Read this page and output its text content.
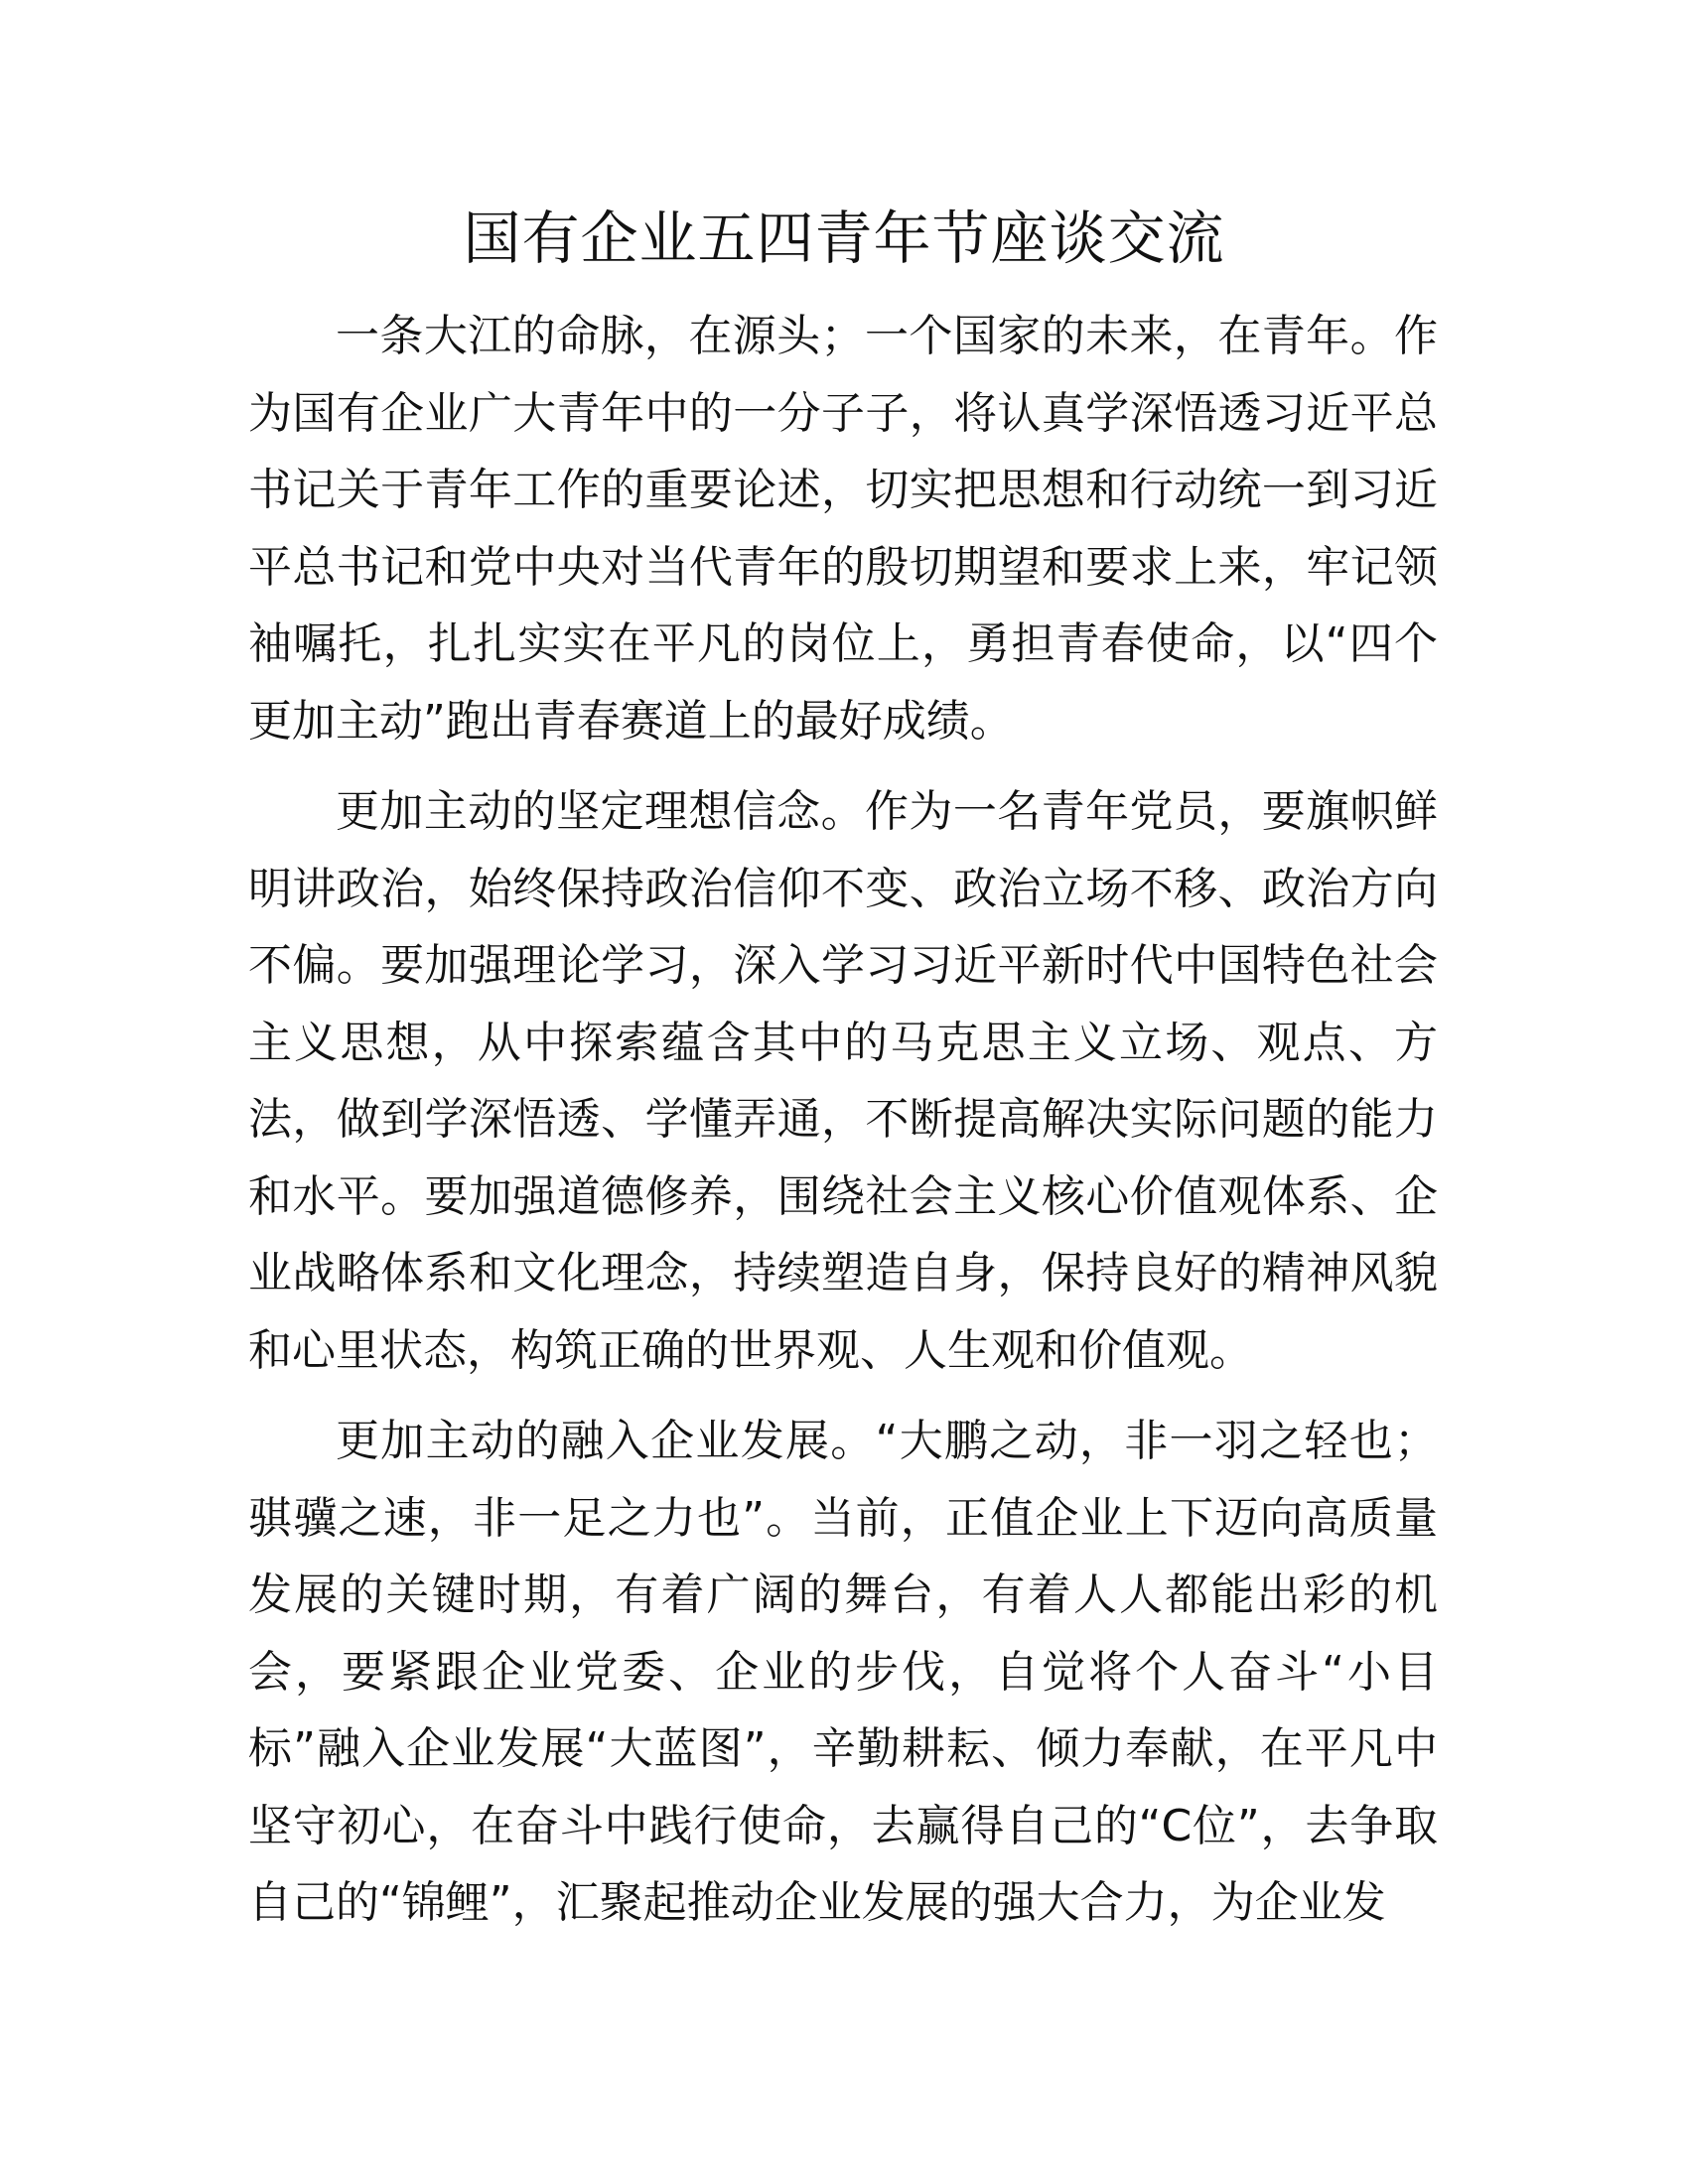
国有企业五四青年节座谈交流

一条大江的命脉，在源头；一个国家的未来，在青年。作为国有企业广大青年中的一分子子，将认真学深悟透习近平总书记关于青年工作的重要论述，切实把思想和行动统一到习近平总书记和党中央对当代青年的殷切期望和要求上来，牢记领袖嘱托，扎扎实实在平凡的岗位上，勇担青春使命，以“四个更加主动”跑出青春赛道上的最好成绩。

更加主动的坚定理想信念。作为一名青年党员，要旗帜鲜明讲政治，始终保持政治信仰不变、政治立场不移、政治方向不偏。要加强理论学习，深入学习习近平新时代中国特色社会主义思想，从中探索蕴含其中的马克思主义立场、观点、方法，做到学深悟透、学懂弄通，不断提高解决实际问题的能力和水平。要加强道德修养，围绕社会主义核心价值观体系、企业战略体系和文化理念，持续塑造自身，保持良好的精神风貌和心里状态，构筑正确的世界观、人生观和价值观。

更加主动的融入企业发展。“大鹏之动，非一羽之轻也；骐骥之速，非一足之力也”。当前，正值企业上下迈向高质量发展的关键时期，有着广阔的舞台，有着人人都能出彩的机会，要紧跟企业党委、企业的步伐，自觉将个人奋斗“小目标”融入企业发展“大蓝图”，辛勤耕耘、倾力奉献，在平凡中坚守初心，在奋斗中践行使命，去赢得自己的“C位”，去争取自己的“锦鲤”，汇聚起推动企业发展的强大合力，为企业发
